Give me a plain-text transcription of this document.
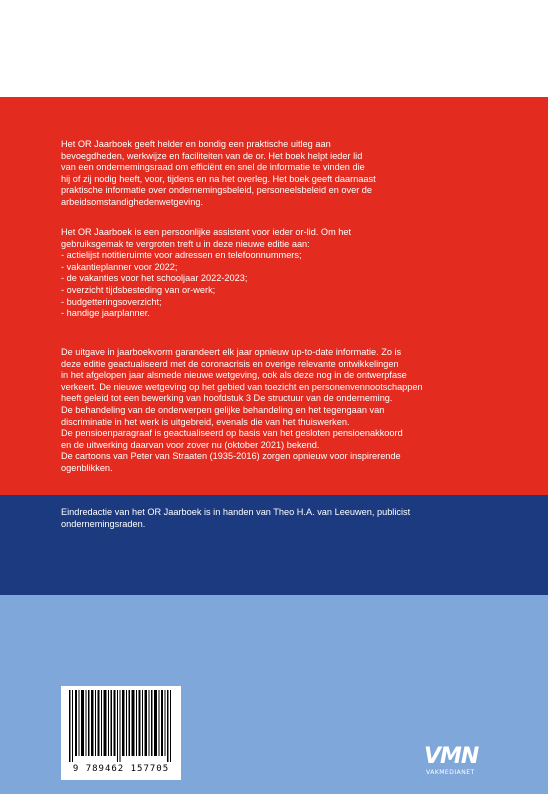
Het OR Jaarboek geeft helder en bondig een praktische uitleg aan

bevoegdheden, werkwijze en faciliteiten van de or. Het boek helpt ieder lid

van een ondernemingsraad om efficiënt en snel de informatie te vinden die

hij of zij nodig heeft, voor, tijdens en na het overleg. Het boek geeft daarnaast

praktische informatie over ondernemingsbeleid, personeelsbeleid en over de

arbeidsomstandighedenwetgeving.

Het OR Jaarboek is een persoonlijke assistent voor ieder or-lid. Om het

gebruiksgemak te vergroten treft u in deze nieuwe editie aan:

- actielijst notitieruimte voor adressen en telefoonnummers;

- vakantieplanner voor 2022;

- de vakanties voor het schooljaar 2022-2023;

- overzicht tijdsbesteding van or-werk;

- budgetteringsoverzicht;

- handige jaarplanner.

De uitgave in jaarboekvorm garandeert elk jaar opnieuw up-to-date informatie. Zo is

deze editie geactualiseerd met de coronacrisis en overige relevante ontwikkelingen

in het afgelopen jaar alsmede nieuwe wetgeving, ook als deze nog in de ontwerpfase

verkeert. De nieuwe wetgeving op het gebied van toezicht en personenvennootschappen

heeft geleid tot een bewerking van hoofdstuk 3 De structuur van de onderneming.

De behandeling van de onderwerpen gelijke behandeling en het tegengaan van

discriminatie in het werk is uitgebreid, evenals die van het thuiswerken.

De pensioenparagraaf is geactualiseerd op basis van het gesloten pensioenakkoord

en de uitwerking daarvan voor zover nu (oktober 2021) bekend.

De cartoons van Peter van Straaten (1935-2016) zorgen opnieuw voor inspirerende

ogenblikken.

Eindredactie van het OR Jaarboek is in handen van Theo H.A. van Leeuwen, publicist

ondernemingsraden.

9 789462 157705	VMN
VAKMEDIANET
